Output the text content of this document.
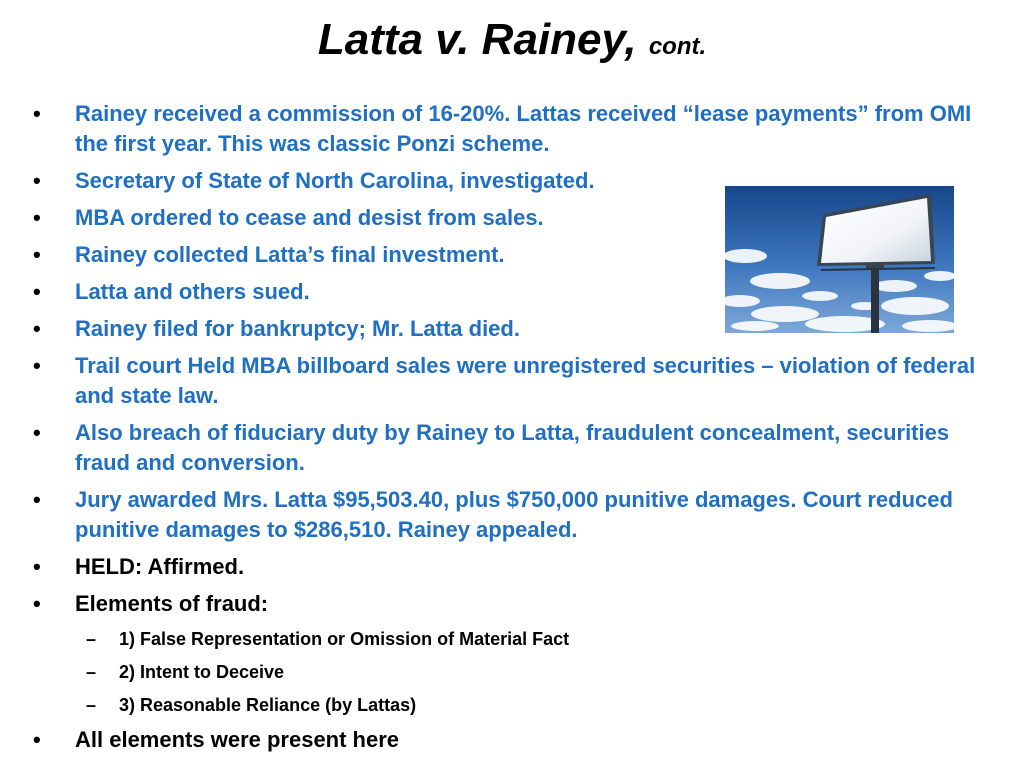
Latta v. Rainey, cont.
• Rainey received a commission of 16-20%. Lattas received “lease payments” from OMI the first year. This was classic Ponzi scheme.
• Secretary of State of North Carolina, investigated.
• MBA ordered to cease and desist from sales.
• Rainey collected Latta’s final investment.
• Latta and others sued.
• Rainey filed for bankruptcy; Mr. Latta died.
• Trail court Held MBA billboard sales were unregistered securities – violation of federal and state law.
• Also breach of fiduciary duty by Rainey to Latta, fraudulent concealment, securities fraud and conversion.
• Jury awarded Mrs. Latta $95,503.40, plus $750,000 punitive damages. Court reduced punitive damages to $286,510. Rainey appealed.
• HELD: Affirmed.
• Elements of fraud:
– 1) False Representation or Omission of Material Fact
– 2) Intent to Deceive
– 3) Reasonable Reliance (by Lattas)
• All elements were present here
